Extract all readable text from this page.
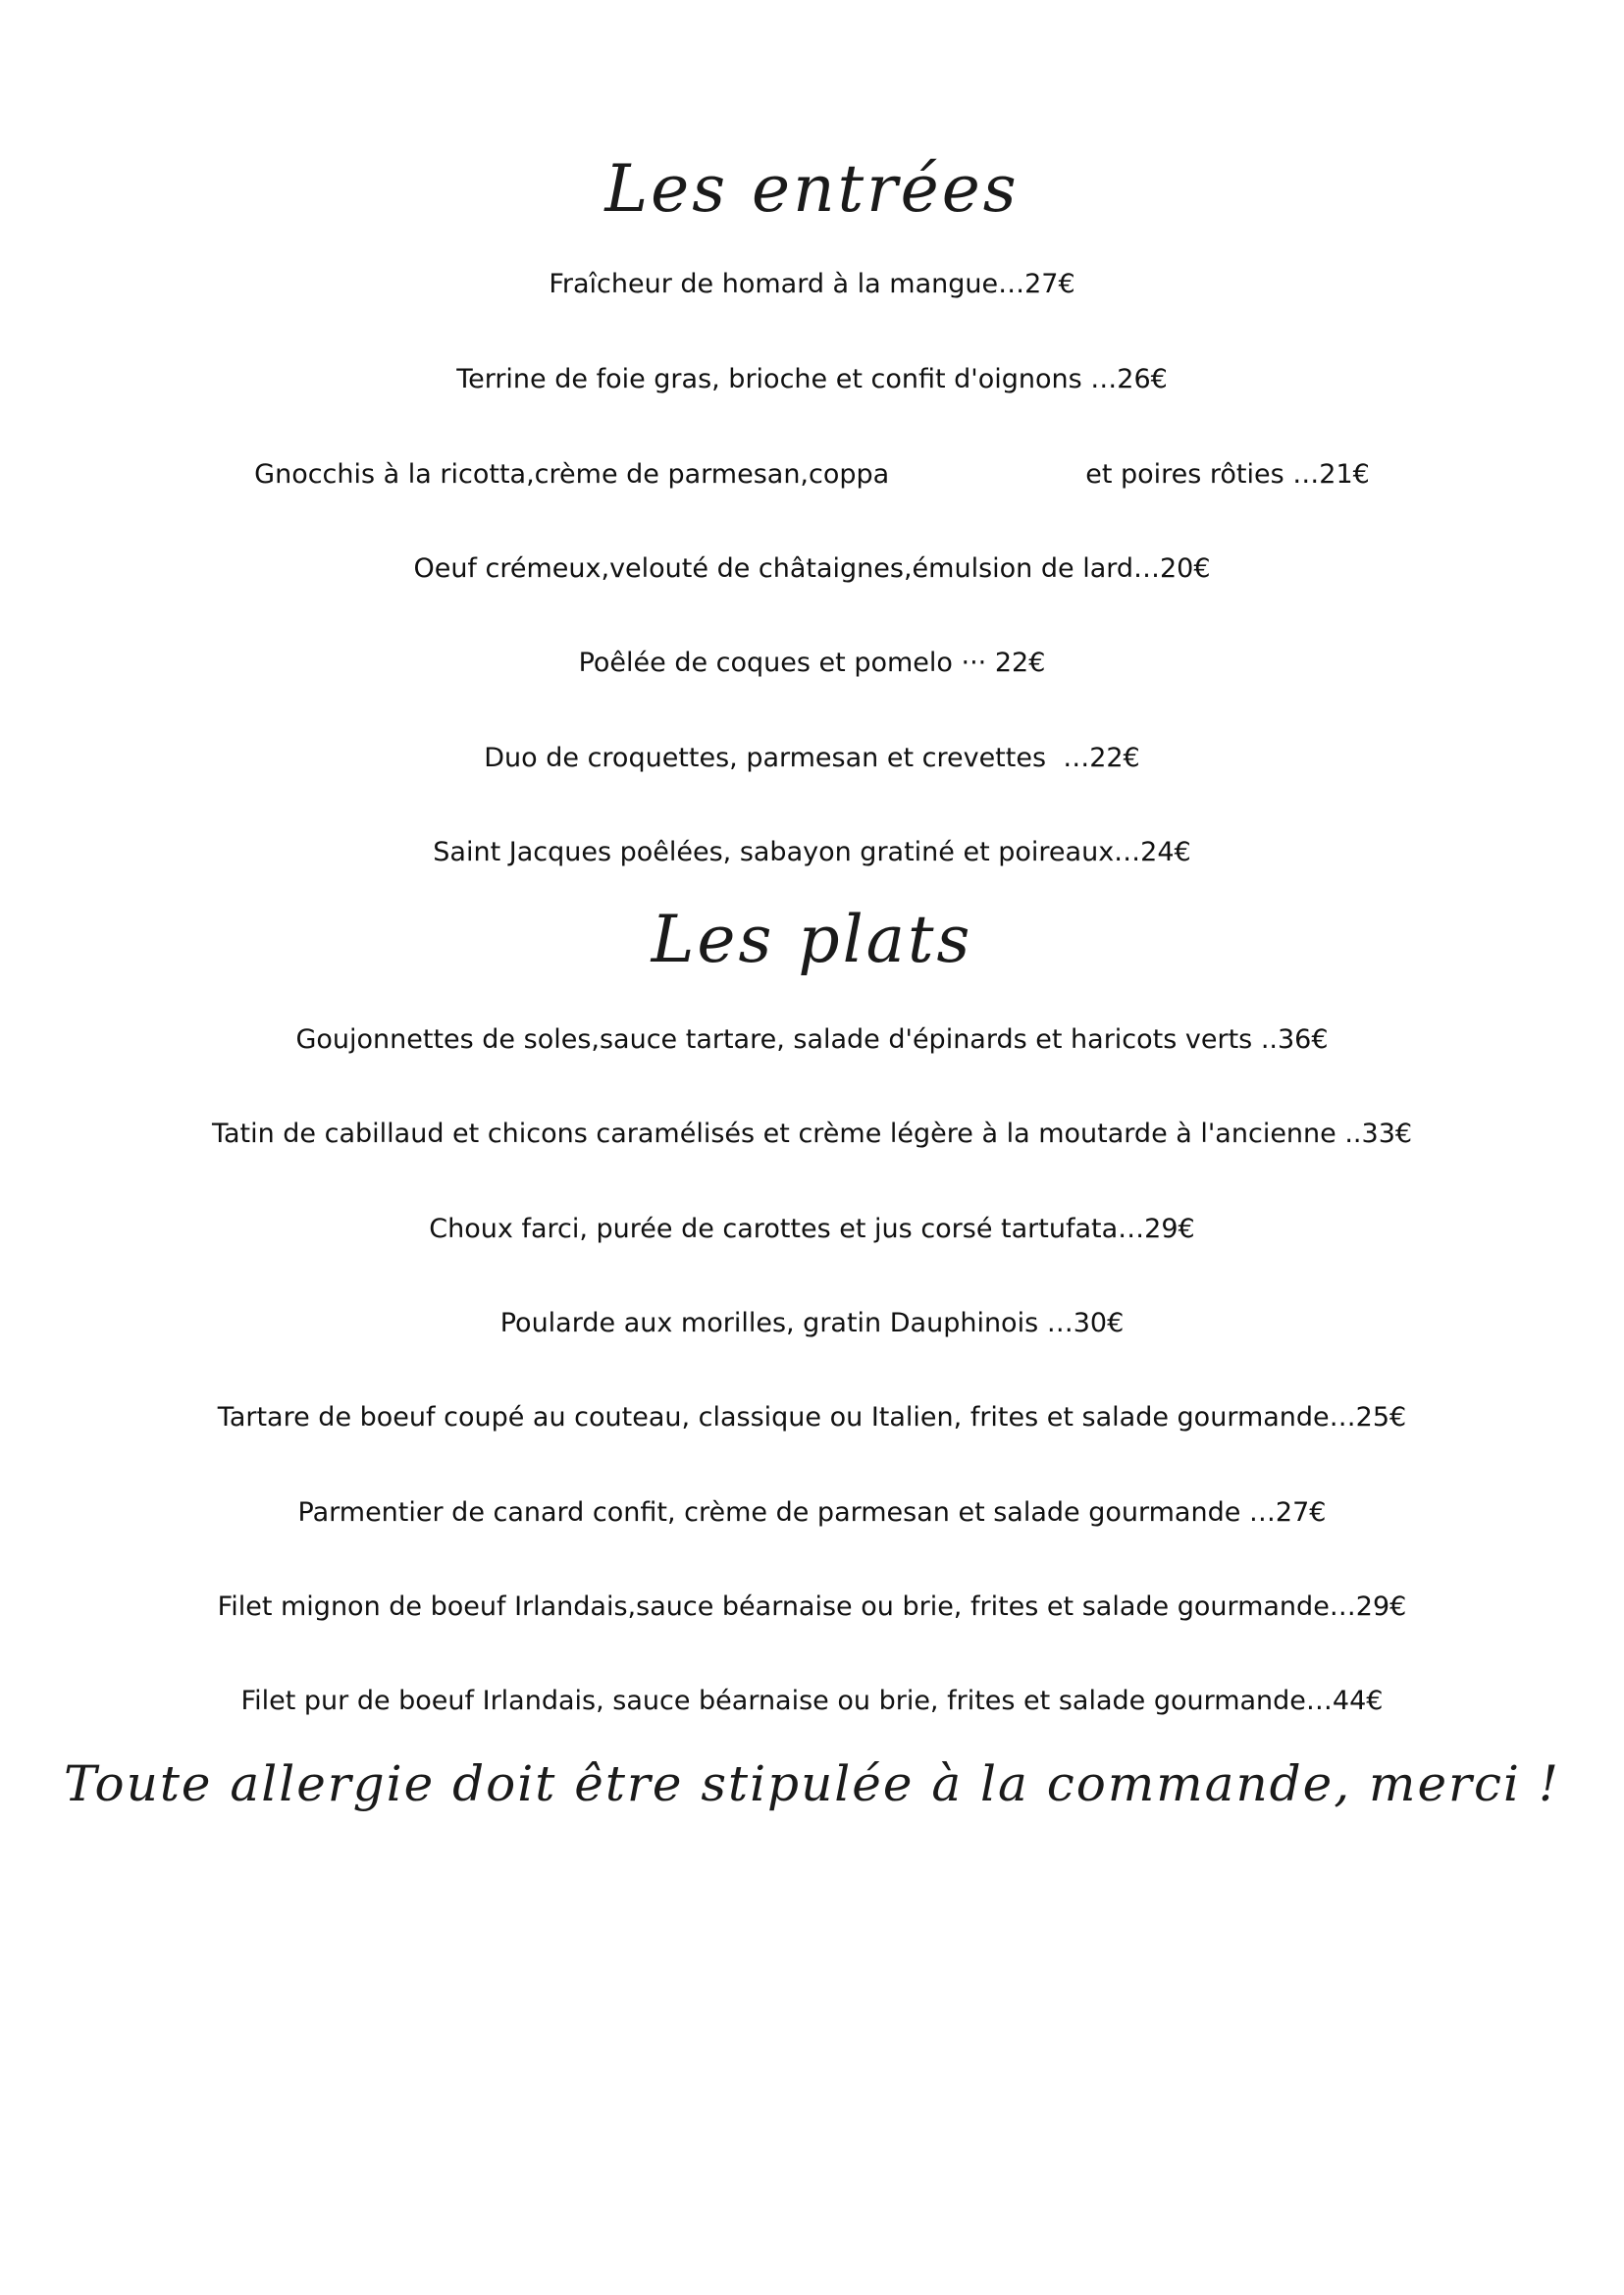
Les entrées

Fraîcheur de homard à la mangue…27€

Terrine de foie gras, brioche et confit d'oignons …26€

Gnocchis à la ricotta,crème de parmesan,coppa	et poires rôties …21€

Oeuf crémeux,velouté de châtaignes,émulsion de lard…20€

Poêlée de coques et pomelo ··· 22€

Duo de croquettes, parmesan et crevettes  …22€

Saint Jacques poêlées, sabayon gratiné et poireaux…24€

Les plats

Goujonnettes de soles,sauce tartare, salade d'épinards et haricots verts ..36€

Tatin de cabillaud et chicons caramélisés et crème légère à la moutarde à l'ancienne ..33€

Choux farci, purée de carottes et jus corsé tartufata…29€

Poularde aux morilles, gratin Dauphinois …30€

Tartare de boeuf coupé au couteau, classique ou Italien, frites et salade gourmande…25€

Parmentier de canard confit, crème de parmesan et salade gourmande …27€

Filet mignon de boeuf Irlandais,sauce béarnaise ou brie, frites et salade gourmande…29€

Filet pur de boeuf Irlandais, sauce béarnaise ou brie, frites et salade gourmande…44€

Toute allergie doit être stipulée à la commande, merci !
